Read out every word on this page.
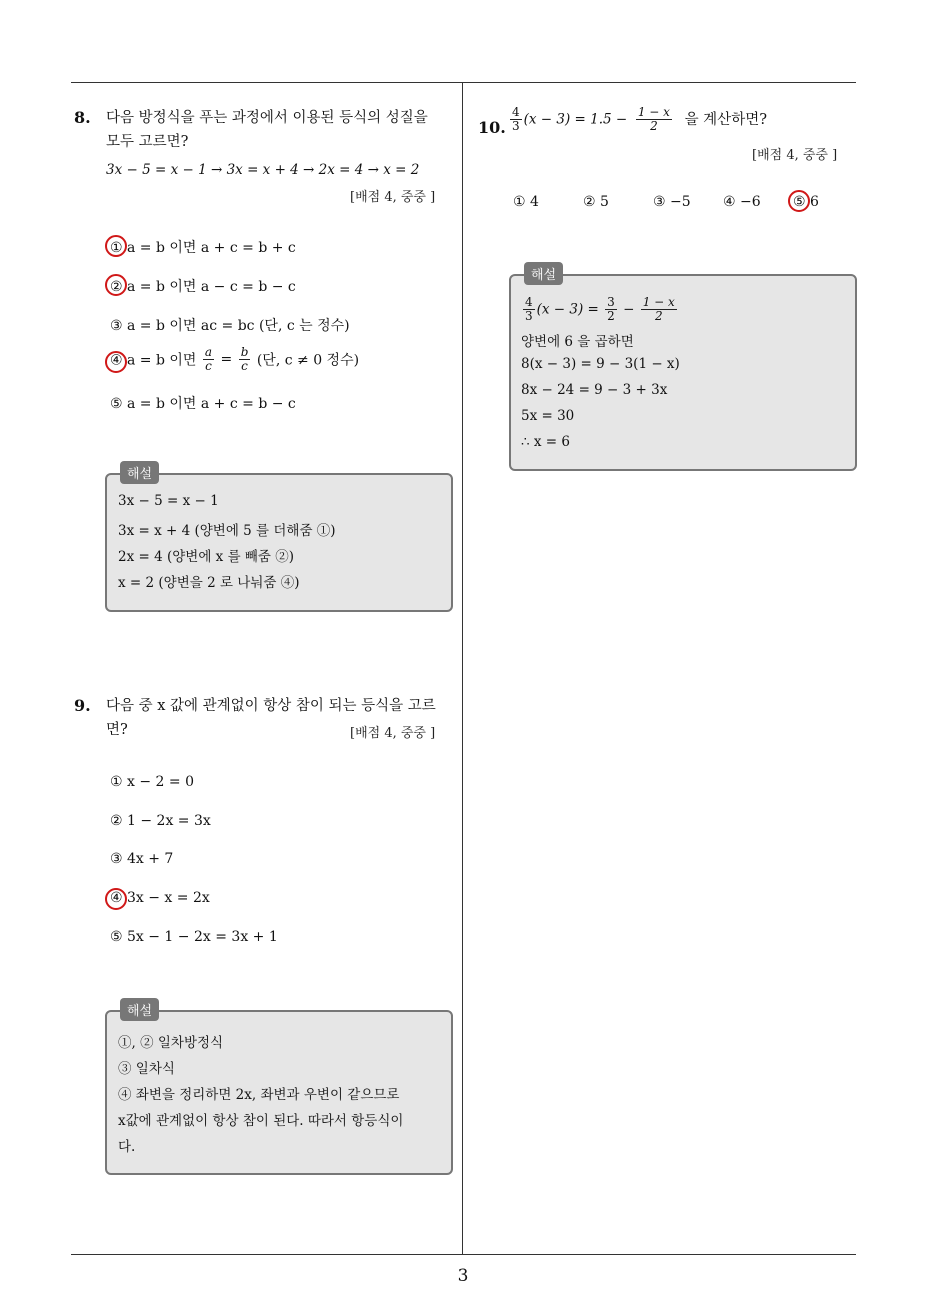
8. 다음 방정식을 푸는 과정에서 이용된 등식의 성질을
모두 고르면?
3x − 5 = x − 1 → 3x = x + 4 → 2x = 4 → x = 2
[배점 4, 중중 ]
① a = b 이면 a + c = b + c
② a = b 이면 a − c = b − c
③ a = b 이면 ac = bc (단, c 는 정수)
④ a = b 이면 $\frac{a}{c} = \frac{b}{c}$ (단, c ≠ 0 정수)
⑤ a = b 이면 a + c = b − c
해설
3x − 5 = x − 1
3x = x + 4 (양변에 5 를 더해줌 ①)
2x = 4 (양변에 x 를 빼줌 ②)
x = 2 (양변을 2 로 나눠줌 ④)
9. 다음 중 x 값에 관계없이 항상 참이 되는 등식을 고르
면?	[배점 4, 중중 ]
① x − 2 = 0
② 1 − 2x = 3x
③ 4x + 7
④ 3x − x = 2x
⑤ 5x − 1 − 2x = 3x + 1
해설
①, ② 일차방정식
③ 일차식
④ 좌변을 정리하면 2x, 좌변과 우변이 같으므로
x값에 관계없이 항상 참이 된다. 따라서 항등식이
다.
10. $\frac{4}{3} (x - 3) = 1.5 - \frac{1 - x}{2}$ 을 계산하면?
[배점 4, 중중 ]
① 4	② 5	③ −5 ④ −6 ⑤ 6
해설
$\frac{4}{3} (x - 3) = \frac{3}{2} - \frac{1 - x}{2}$
양변에 6 을 곱하면
8(x − 3) = 9 − 3(1 − x)
8x − 24 = 9 − 3 + 3x
5x = 30
∴ x = 6
3
